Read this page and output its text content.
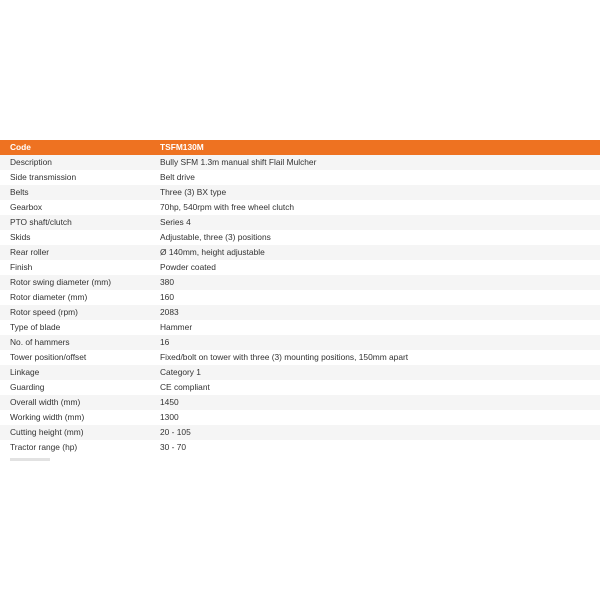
Code	TSFM130M
Description	Bully SFM 1.3m manual shift Flail Mulcher
Side transmission	Belt drive
Belts	Three (3) BX type
Gearbox	70hp, 540rpm with free wheel clutch
PTO shaft/clutch	Series 4
Skids	Adjustable, three (3) positions
Rear roller	Ø 140mm, height adjustable
Finish	Powder coated
Rotor swing diameter (mm)	380
Rotor diameter (mm)	160
Rotor speed (rpm)	2083
Type of blade	Hammer
No. of hammers	16
Tower position/offset	Fixed/bolt on tower with three (3) mounting positions, 150mm apart
Linkage	Category 1
Guarding	CE compliant
Overall width (mm)	1450
Working width (mm)	1300
Cutting height (mm)	20 - 105
Tractor range (hp)	30 - 70
